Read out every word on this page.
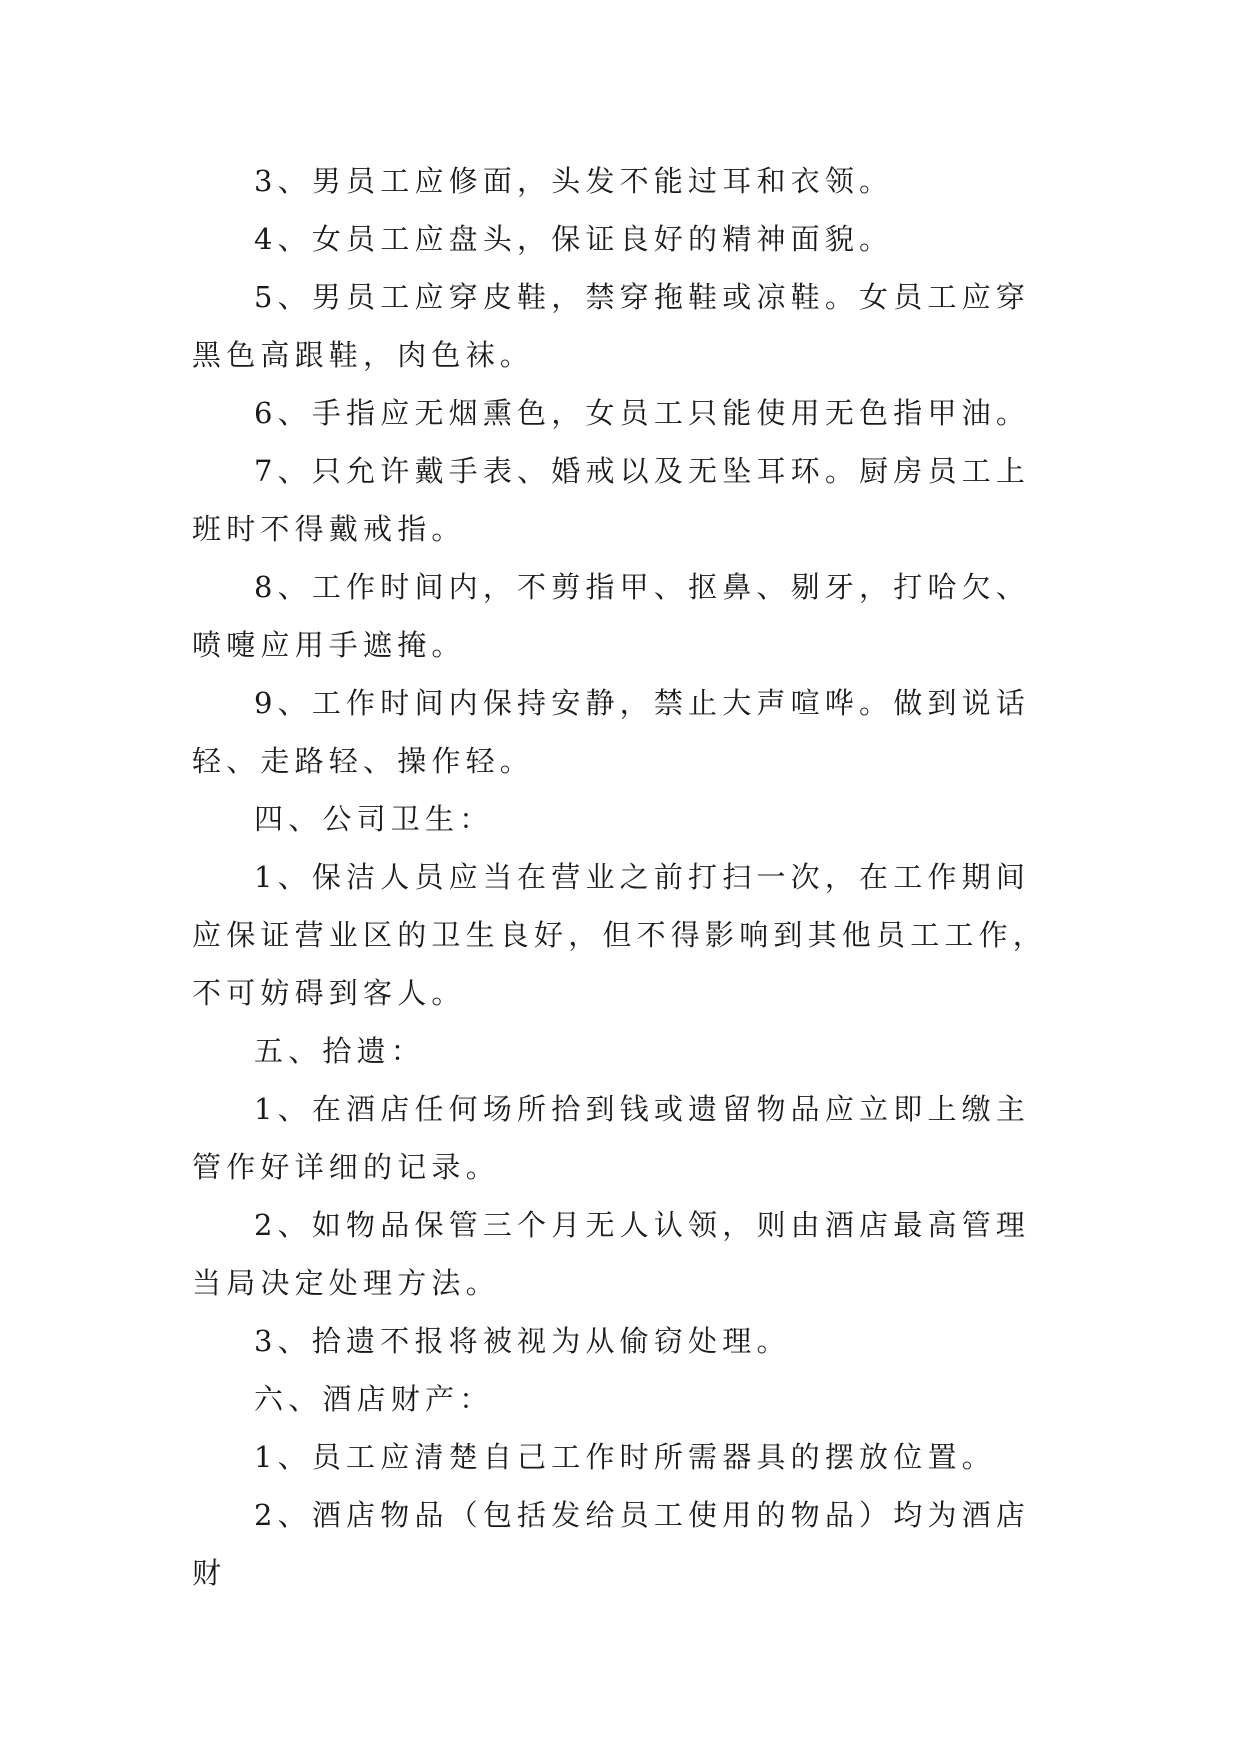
3、男员工应修面，头发不能过耳和衣领。

4、女员工应盘头，保证良好的精神面貌。

5、男员工应穿皮鞋，禁穿拖鞋或凉鞋。女员工应穿黑色高跟鞋，肉色袜。

6、手指应无烟熏色，女员工只能使用无色指甲油。

7、只允许戴手表、婚戒以及无坠耳环。厨房员工上班时不得戴戒指。

8、工作时间内，不剪指甲、抠鼻、剔牙，打哈欠、喷嚏应用手遮掩。

9、工作时间内保持安静，禁止大声喧哗。做到说话轻、走路轻、操作轻。

四、公司卫生：

1、保洁人员应当在营业之前打扫一次，在工作期间应保证营业区的卫生良好，但不得影响到其他员工工作，不可妨碍到客人。

五、拾遗：

1、在酒店任何场所拾到钱或遗留物品应立即上缴主管作好详细的记录。

2、如物品保管三个月无人认领，则由酒店最高管理当局决定处理方法。

3、拾遗不报将被视为从偷窃处理。

六、酒店财产：

1、员工应清楚自己工作时所需器具的摆放位置。

2、酒店物品（包括发给员工使用的物品）均为酒店财
